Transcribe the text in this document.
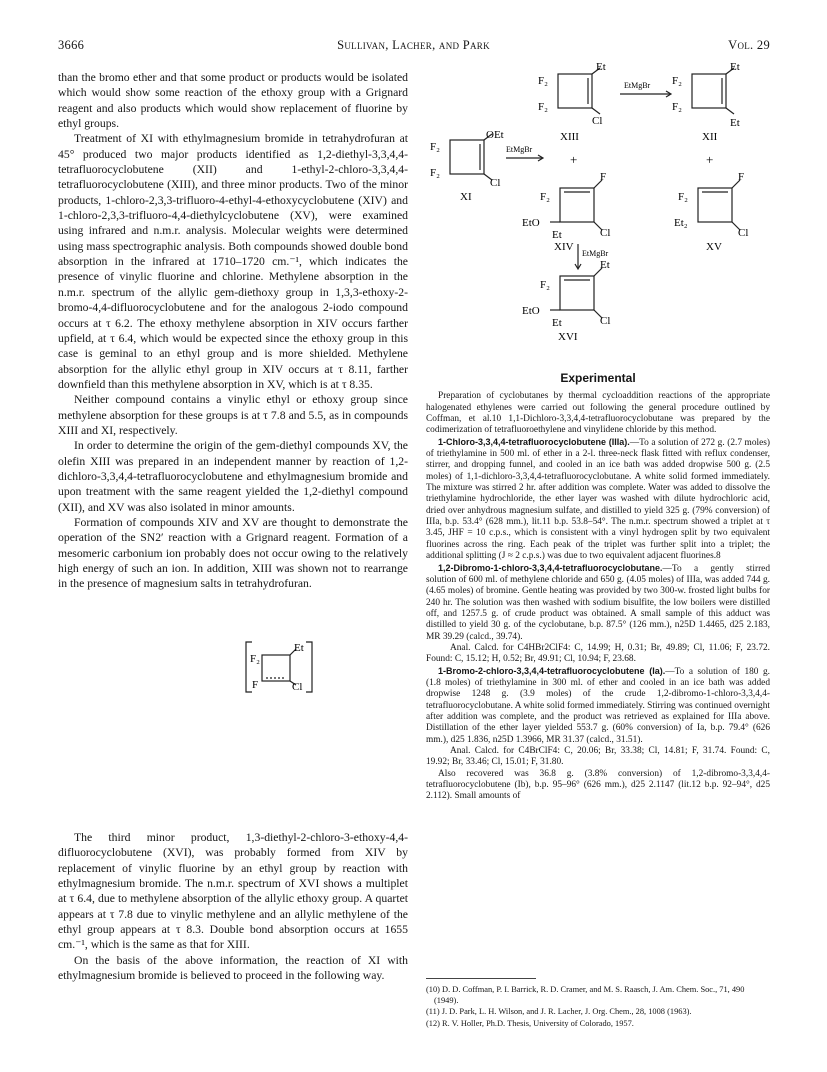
3666	Sullivan, Lacher, and Park	Vol. 29

than the bromo ether and that some product or products would be isolated which would show some reaction of the ethoxy group with a Grignard reagent and also products which would show replacement of fluorine by ethyl groups.

Treatment of XI with ethylmagnesium bromide in tetrahydrofuran at 45° produced two major products identified as 1,2-diethyl-3,3,4,4-tetrafluorocyclobutene (XII) and 1-ethyl-2-chloro-3,3,4,4-tetrafluorocyclobutene (XIII), and three minor products. Two of the minor products, 1-chloro-2,3,3-trifluoro-4-ethyl-4-ethoxycyclobutene (XIV) and 1-chloro-2,3,3-trifluoro-4,4-diethylcyclobutene (XV), were examined using infrared and n.m.r. analysis. Molecular weights were determined using mass spectrographic analysis. Both compounds showed double bond absorption in the infrared at 1710–1720 cm.⁻¹, which indicates the presence of vinylic fluorine and chlorine. Methylene absorption in the n.m.r. spectrum of the allylic gem-diethoxy group in 1,3,3-ethoxy-2-bromo-4,4-difluorocyclobutene and for the analogous 2-iodo compound occurs at τ 6.2. The ethoxy methylene absorption in XIV occurs farther upfield, at τ 6.4, which would be expected since the ethoxy group in this case is geminal to an ethyl group and is more shielded. Methylene absorption for the allylic ethyl group in XIV occurs at τ 8.11, farther downfield than this methylene absorption in XV, which is at τ 8.35.

Neither compound contains a vinylic ethyl or ethoxy group since methylene absorption for these groups is at τ 7.8 and 5.5, as in compounds XIII and XI, respectively.

In order to determine the origin of the gem-diethyl compounds XV, the olefin XIII was prepared in an independent manner by reaction of 1,2-dichloro-3,3,4,4-tetrafluorocyclobutene and ethylmagnesium bromide and upon treatment with the same reagent yielded the 1,2-diethyl compound (XII), and XV was also isolated in minor amounts.

Formation of compounds XIV and XV are thought to demonstrate the operation of the SN2′ reaction with a Grignard reagent. Formation of a mesomeric carbonium ion probably does not occur owing to the relatively high energy of such an ion. In addition, XIII was shown not to rearrange in the presence of magnesium salts in tetrahydrofuran.

F₂
Et
F	Cl

The third minor product, 1,3-diethyl-2-chloro-3-ethoxy-4,4-difluorocyclobutene (XVI), was probably formed from XIV by replacement of vinylic fluorine by an ethyl group by reaction with ethylmagnesium bromide. The n.m.r. spectrum of XVI shows a multiplet at τ 6.4, due to methylene absorption of the allylic ethoxy group. A quartet appears at τ 7.8 due to vinylic methylene and an allylic methylene of the ethyl group appears at τ 8.3. Double bond absorption occurs at 1655 cm.⁻¹, which is the same as that for XIII.

On the basis of the above information, the reaction of XI with ethylmagnesium bromide is believed to proceed in the following way.

F₂
F₂
Et
Cl
XIII
EtMgBr F₂
F₂
Et
Et
XII
F₂
F₂
OEt
Cl
XI
EtMgBr
+	+
F₂
F
EtO
Et	Cl
XIV
F₂
F
Et₂
Cl
XV
EtMgBr
F₂
Et
EtO
Et	Cl
XVI

Experimental

Preparation of cyclobutanes by thermal cycloaddition reactions of the appropriate halogenated ethylenes were carried out following the general procedure outlined by Coffman, et al.10 1,1-Dichloro-3,3,4,4-tetrafluorocyclobutane was prepared by the codimerization of tetrafluoroethylene and vinylidene chloride by this method.

1-Chloro-3,3,4,4-tetrafluorocyclobutene (IIIa).—To a solution of 272 g. (2.7 moles) of triethylamine in 500 ml. of ether in a 2-l. three-neck flask fitted with reflux condenser, stirrer, and dropping funnel, and cooled in an ice bath was added dropwise 500 g. (2.5 moles) of 1,1-dichloro-3,3,4,4-tetrafluorocyclobutane. A white solid formed immediately. The mixture was stirred 2 hr. after addition was complete. Water was added to dissolve the triethylamine hydrochloride, the ether layer was washed with dilute hydrochloric acid, dried over anhydrous magnesium sulfate, and distilled to yield 325 g. (79% conversion) of IIIa, b.p. 53.4° (628 mm.), lit.11 b.p. 53.8–54°. The n.m.r. spectrum showed a triplet at τ 3.45, JHF = 10 c.p.s., which is consistent with a vinyl hydrogen split by two equivalent fluorines across the ring. Each peak of the triplet was further split into a triplet; the additional splitting (J ≈ 2 c.p.s.) was due to two equivalent adjacent fluorines.8

1,2-Dibromo-1-chloro-3,3,4,4-tetrafluorocyclobutane.—To a gently stirred solution of 600 ml. of methylene chloride and 650 g. (4.05 moles) of IIIa, was added 744 g. (4.65 moles) of bromine. Gentle heating was provided by two 300-w. frosted light bulbs for 240 hr. The solution was then washed with sodium bisulfite, the low boilers were distilled off, and 1257.5 g. of crude product was obtained. A small sample of this adduct was distilled to yield 30 g. of the cyclobutane, b.p. 87.5° (126 mm.), n25D 1.4465, d25 2.183, MR 39.29 (calcd., 39.74).

Anal. Calcd. for C4HBr2ClF4: C, 14.99; H, 0.31; Br, 49.89; Cl, 11.06; F, 23.72. Found: C, 15.12; H, 0.52; Br, 49.91; Cl, 10.94; F, 23.68.

1-Bromo-2-chloro-3,3,4,4-tetrafluorocyclobutene (Ia).—To a solution of 180 g. (1.8 moles) of triethylamine in 300 ml. of ether and cooled in an ice bath was added dropwise 1248 g. (3.9 moles) of the crude 1,2-dibromo-1-chloro-3,3,4,4-tetrafluorocyclobutane. A white solid formed immediately. Stirring was continued overnight after addition was complete, and the product was retrieved as explained for IIIa above. Distillation of the ether layer yielded 553.7 g. (60% conversion) of Ia, b.p. 79.4° (626 mm.), d25 1.836, n25D 1.3966, MR 31.37 (calcd., 31.51).

Anal. Calcd. for C4BrClF4: C, 20.06; Br, 33.38; Cl, 14.81; F, 31.74. Found: C, 19.92; Br, 33.46; Cl, 15.01; F, 31.80.

Also recovered was 36.8 g. (3.8% conversion) of 1,2-dibromo-3,3,4,4-tetrafluorocyclobutene (Ib), b.p. 95–96° (626 mm.), d25 2.1147 (lit.12 b.p. 92–94°, d25 2.112). Small amounts of

(10) D. D. Coffman, P. I. Barrick, R. D. Cramer, and M. S. Raasch, J. Am. Chem. Soc., 71, 490 (1949).

(11) J. D. Park, L. H. Wilson, and J. R. Lacher, J. Org. Chem., 28, 1008 (1963).

(12) R. V. Holler, Ph.D. Thesis, University of Colorado, 1957.
